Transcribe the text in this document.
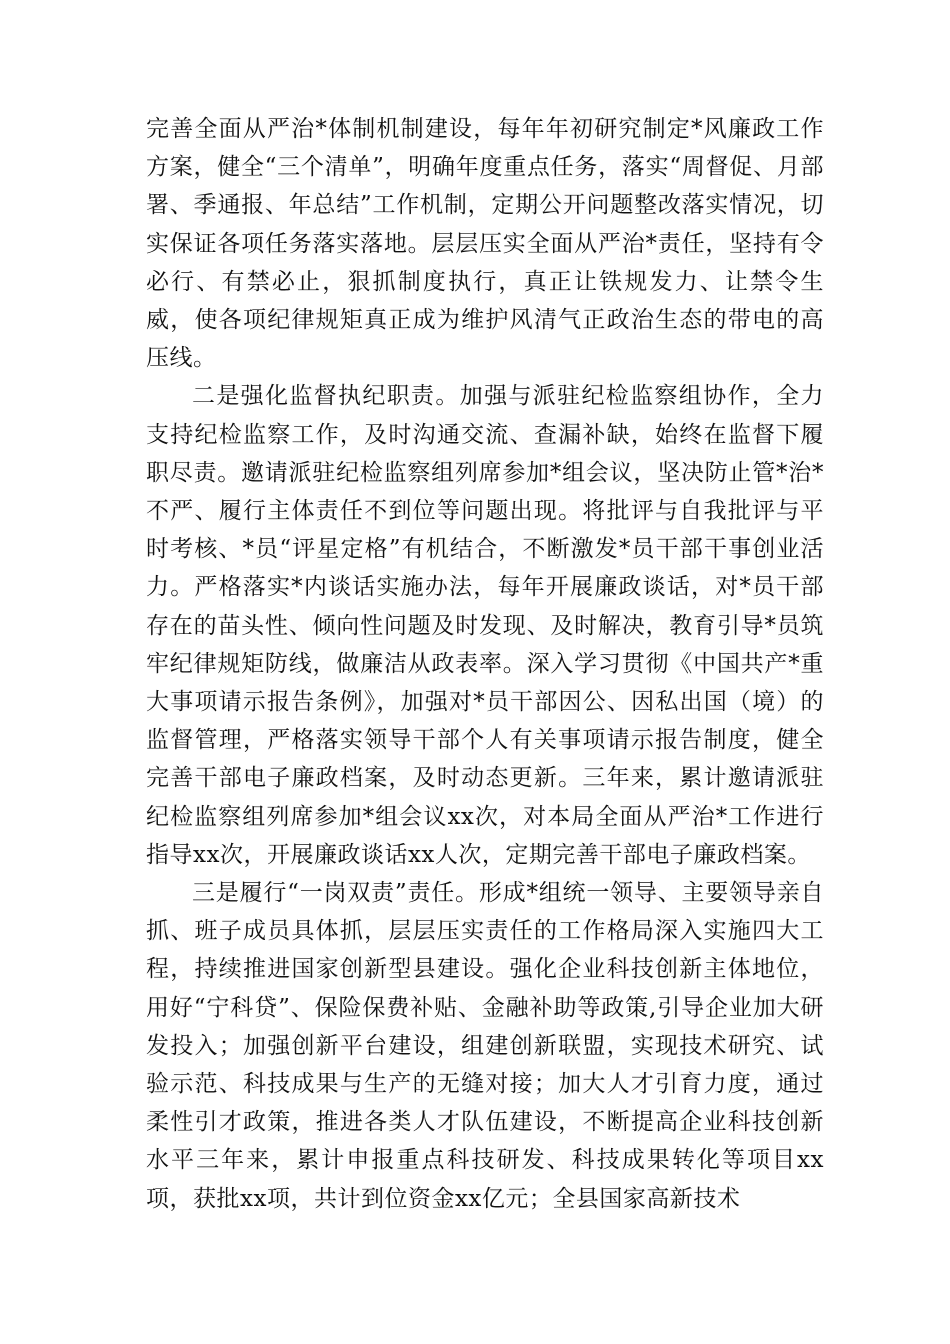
完善全面从严治*体制机制建设，每年年初研究制定*风廉政工作方案，健全“三个清单”，明确年度重点任务，落实“周督促、月部署、季通报、年总结”工作机制，定期公开问题整改落实情况，切实保证各项任务落实落地。层层压实全面从严治*责任，坚持有令必行、有禁必止，狠抓制度执行，真正让铁规发力、让禁令生威，使各项纪律规矩真正成为维护风清气正政治生态的带电的高压线。

二是强化监督执纪职责。加强与派驻纪检监察组协作，全力支持纪检监察工作，及时沟通交流、查漏补缺，始终在监督下履职尽责。邀请派驻纪检监察组列席参加*组会议，坚决防止管*治*不严、履行主体责任不到位等问题出现。将批评与自我批评与平时考核、*员“评星定格”有机结合，不断激发*员干部干事创业活力。严格落实*内谈话实施办法，每年开展廉政谈话，对*员干部存在的苗头性、倾向性问题及时发现、及时解决，教育引导*员筑牢纪律规矩防线，做廉洁从政表率。深入学习贯彻《中国共产*重大事项请示报告条例》，加强对*员干部因公、因私出国（境）的监督管理，严格落实领导干部个人有关事项请示报告制度，健全完善干部电子廉政档案，及时动态更新。三年来，累计邀请派驻纪检监察组列席参加*组会议xx次，对本局全面从严治*工作进行指导xx次，开展廉政谈话xx人次，定期完善干部电子廉政档案。

三是履行“一岗双责”责任。形成*组统一领导、主要领导亲自抓、班子成员具体抓，层层压实责任的工作格局深入实施四大工程，持续推进国家创新型县建设。强化企业科技创新主体地位，用好“宁科贷”、保险保费补贴、金融补助等政策,引导企业加大研发投入；加强创新平台建设，组建创新联盟，实现技术研究、试验示范、科技成果与生产的无缝对接；加大人才引育力度，通过柔性引才政策，推进各类人才队伍建设，不断提高企业科技创新水平三年来，累计申报重点科技研发、科技成果转化等项目xx项，获批xx项，共计到位资金xx亿元；全县国家高新技术
